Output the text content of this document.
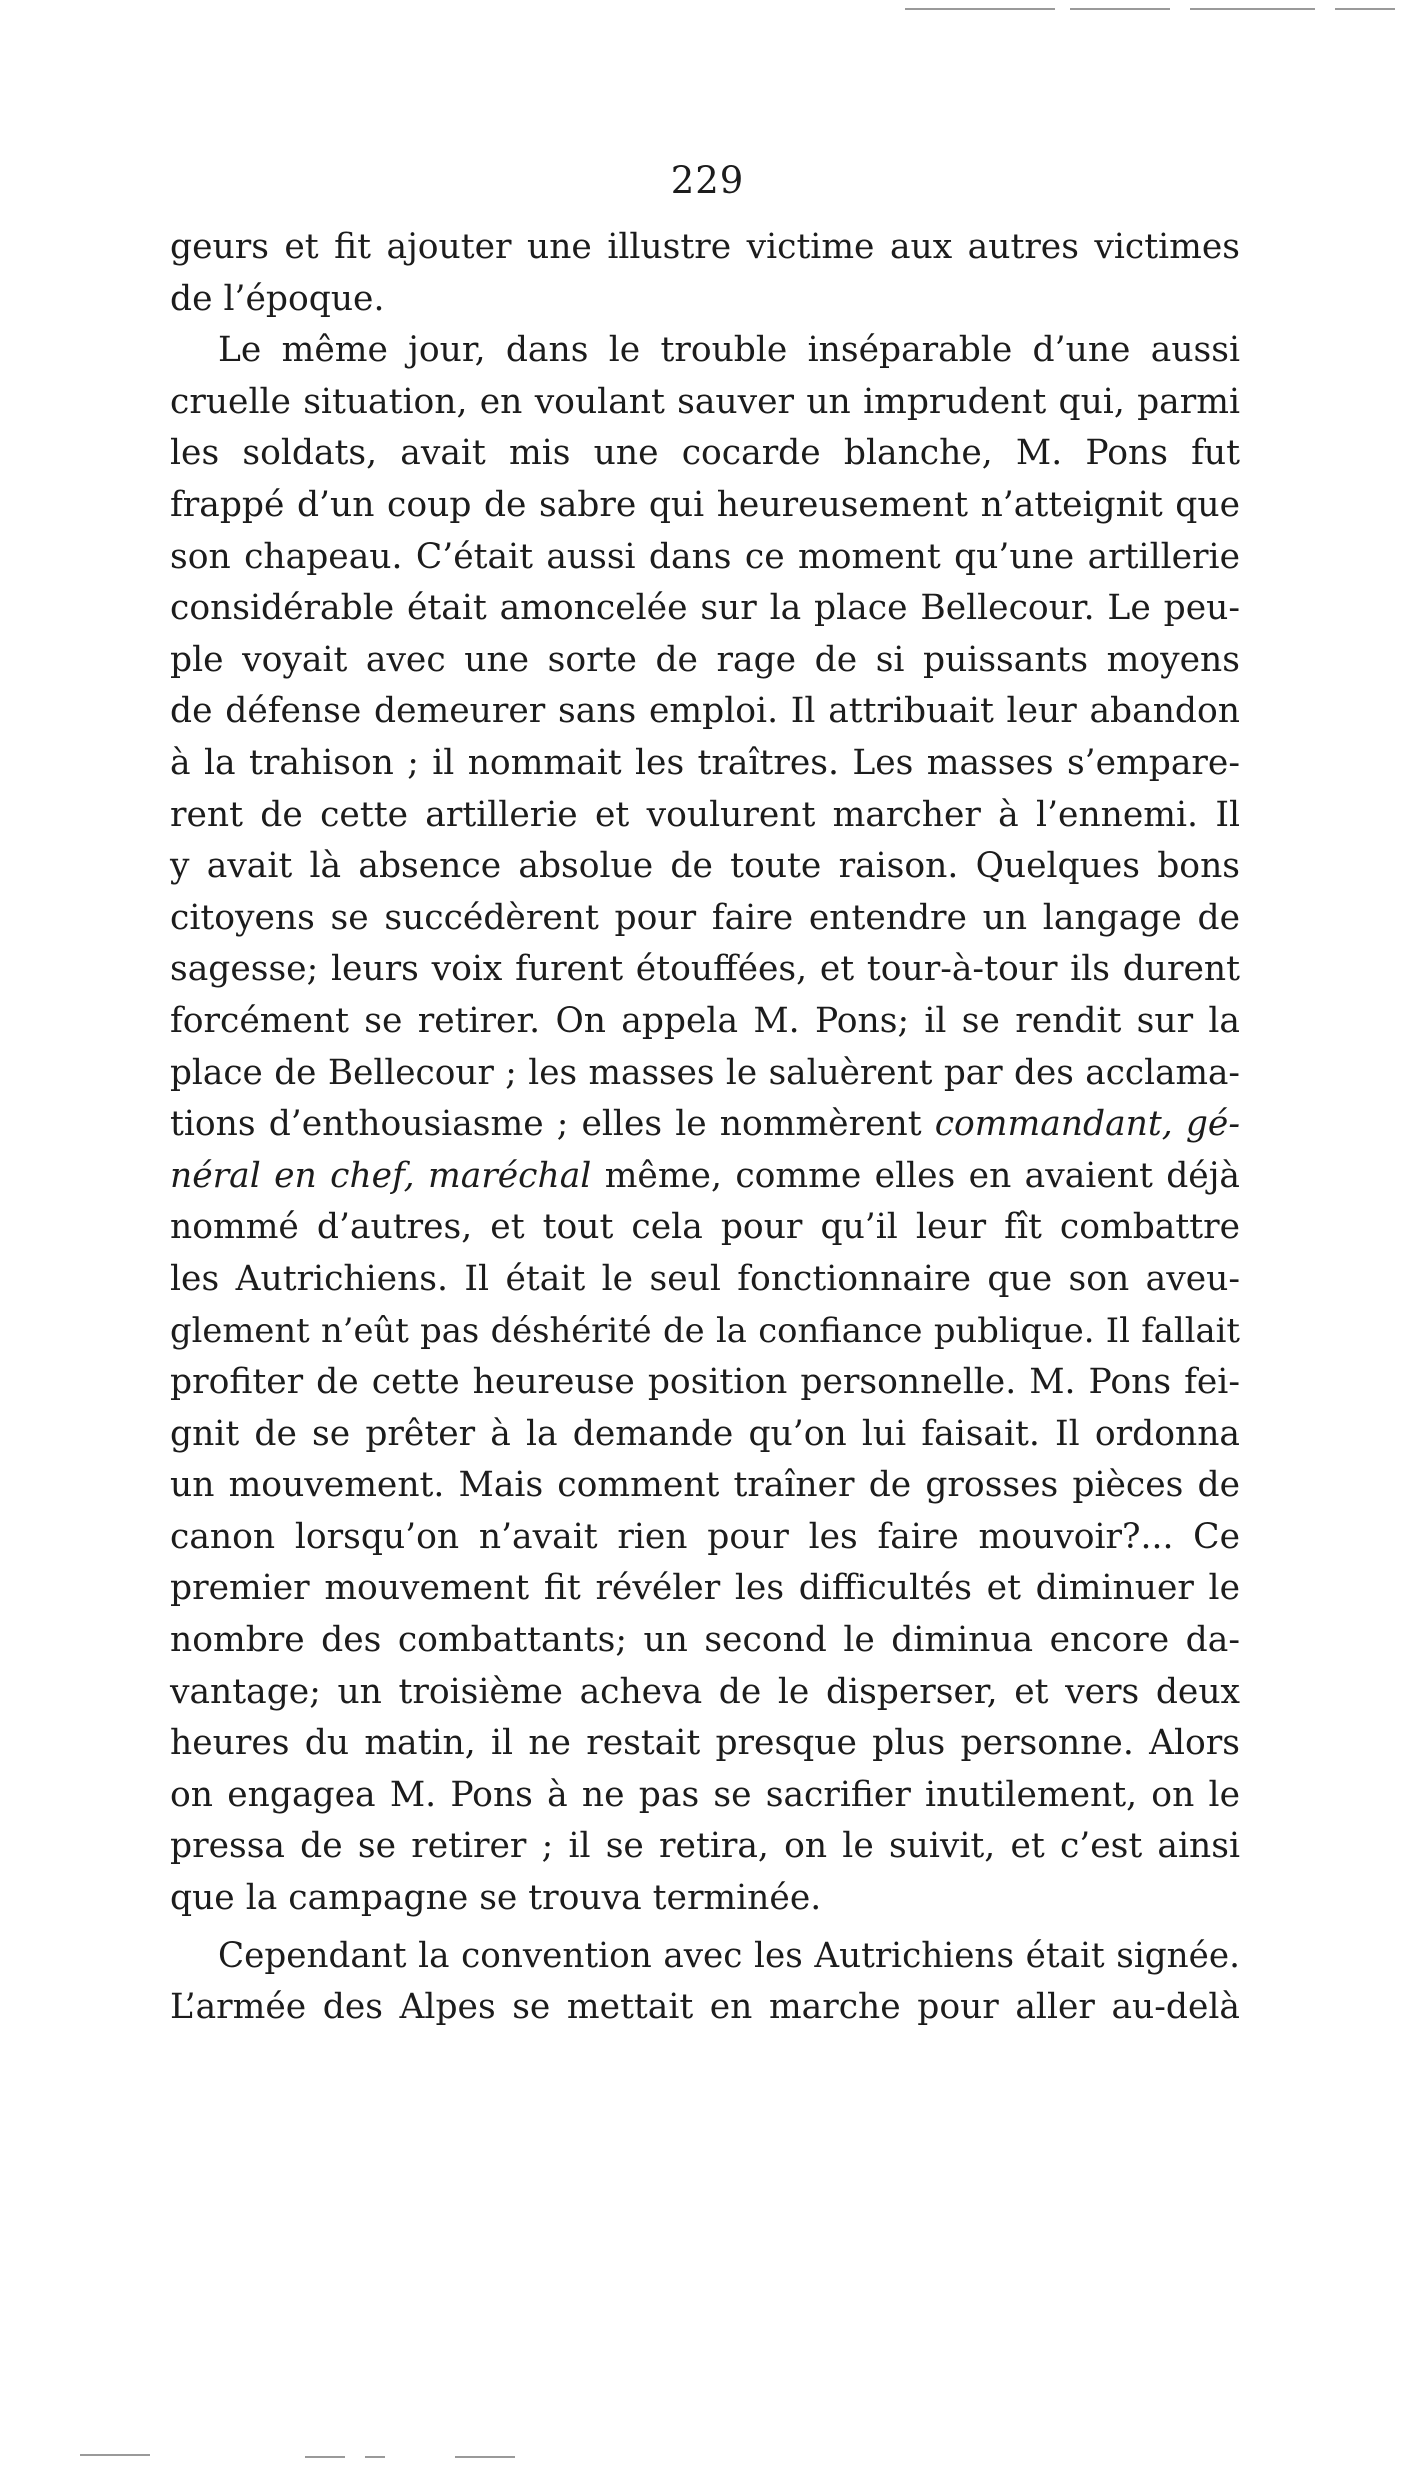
229
geurs et fit ajouter une illustre victime aux autres victimes
de l’époque.
Le même jour, dans le trouble inséparable d’une aussi
cruelle situation, en voulant sauver un imprudent qui, parmi
les soldats, avait mis une cocarde blanche, M. Pons fut
frappé d’un coup de sabre qui heureusement n’atteignit que
son chapeau. C’était aussi dans ce moment qu’une artillerie
considérable était amoncelée sur la place Bellecour. Le peu-
ple voyait avec une sorte de rage de si puissants moyens
de défense demeurer sans emploi. Il attribuait leur abandon
à la trahison ; il nommait les traîtres. Les masses s’empare-
rent de cette artillerie et voulurent marcher à l’ennemi. Il
y avait là absence absolue de toute raison. Quelques bons
citoyens se succédèrent pour faire entendre un langage de
sagesse; leurs voix furent étouffées, et tour-à-tour ils durent
forcément se retirer. On appela M. Pons; il se rendit sur la
place de Bellecour ; les masses le saluèrent par des acclama-
tions d’enthousiasme ; elles le nommèrent commandant, gé-
néral en chef, maréchal même, comme elles en avaient déjà
nommé d’autres, et tout cela pour qu’il leur fît combattre
les Autrichiens. Il était le seul fonctionnaire que son aveu-
glement n’eût pas déshérité de la confiance publique. Il fallait
profiter de cette heureuse position personnelle. M. Pons fei-
gnit de se prêter à la demande qu’on lui faisait. Il ordonna
un mouvement. Mais comment traîner de grosses pièces de
canon lorsqu’on n’avait rien pour les faire mouvoir?... Ce
premier mouvement fit révéler les difficultés et diminuer le
nombre des combattants; un second le diminua encore da-
vantage; un troisième acheva de le disperser, et vers deux
heures du matin, il ne restait presque plus personne. Alors
on engagea M. Pons à ne pas se sacrifier inutilement, on le
pressa de se retirer ; il se retira, on le suivit, et c’est ainsi
que la campagne se trouva terminée.
Cependant la convention avec les Autrichiens était signée.
L’armée des Alpes se mettait en marche pour aller au-delà
